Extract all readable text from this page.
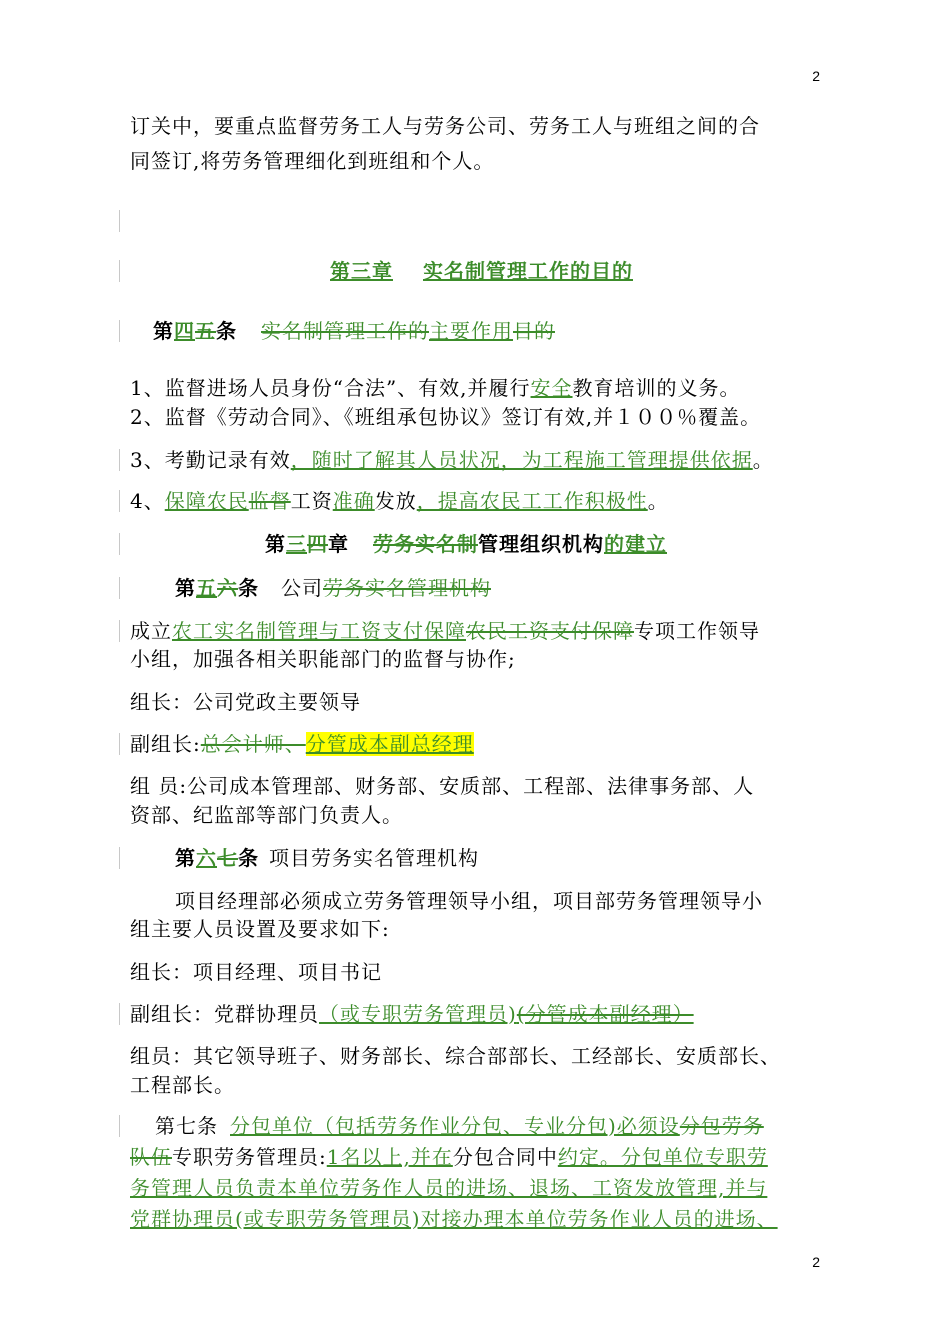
2
订关中，要重点监督劳务工人与劳务公司、劳务工人与班组之间的合
同签订,将劳务管理细化到班组和个人。
第三章 实名制管理工作的目的
第四五条 实名制管理工作的主要作用目的
1、监督进场人员身份“合法”、有效,并履行安全教育培训的义务。
2、监督《劳动合同》、《班组承包协议》签订有效,并１００％覆盖。
3、考勤记录有效，随时了解其人员状况，为工程施工管理提供依据。
4、保障农民监督工资准确发放，提高农民工工作积极性。
第三四章 劳务实名制管理组织机构的建立
第五六条 公司劳务实名管理机构
成立农工实名制管理与工资支付保障农民工资支付保障专项工作领导
小组，加强各相关职能部门的监督与协作;
组长：公司党政主要领导
副组长:总会计师、分管成本副总经理
组 员:公司成本管理部、财务部、安质部、工程部、法律事务部、人
资部、纪监部等部门负责人。
第六七条 项目劳务实名管理机构
项目经理部必须成立劳务管理领导小组，项目部劳务管理领导小
组主要人员设置及要求如下:
组长：项目经理、项目书记
副组长：党群协理员（或专职劳务管理员)(分管成本副经理）
组员：其它领导班子、财务部长、综合部部长、工经部长、安质部长、
工程部长。
第七条 分包单位（包括劳务作业分包、专业分包)必须设分包劳务
队伍专职劳务管理员:1名以上,并在分包合同中约定。分包单位专职劳
务管理人员负责本单位劳务作人员的进场、退场、工资发放管理,并与
党群协理员(或专职劳务管理员)对接办理本单位劳务作业人员的进场、
2
